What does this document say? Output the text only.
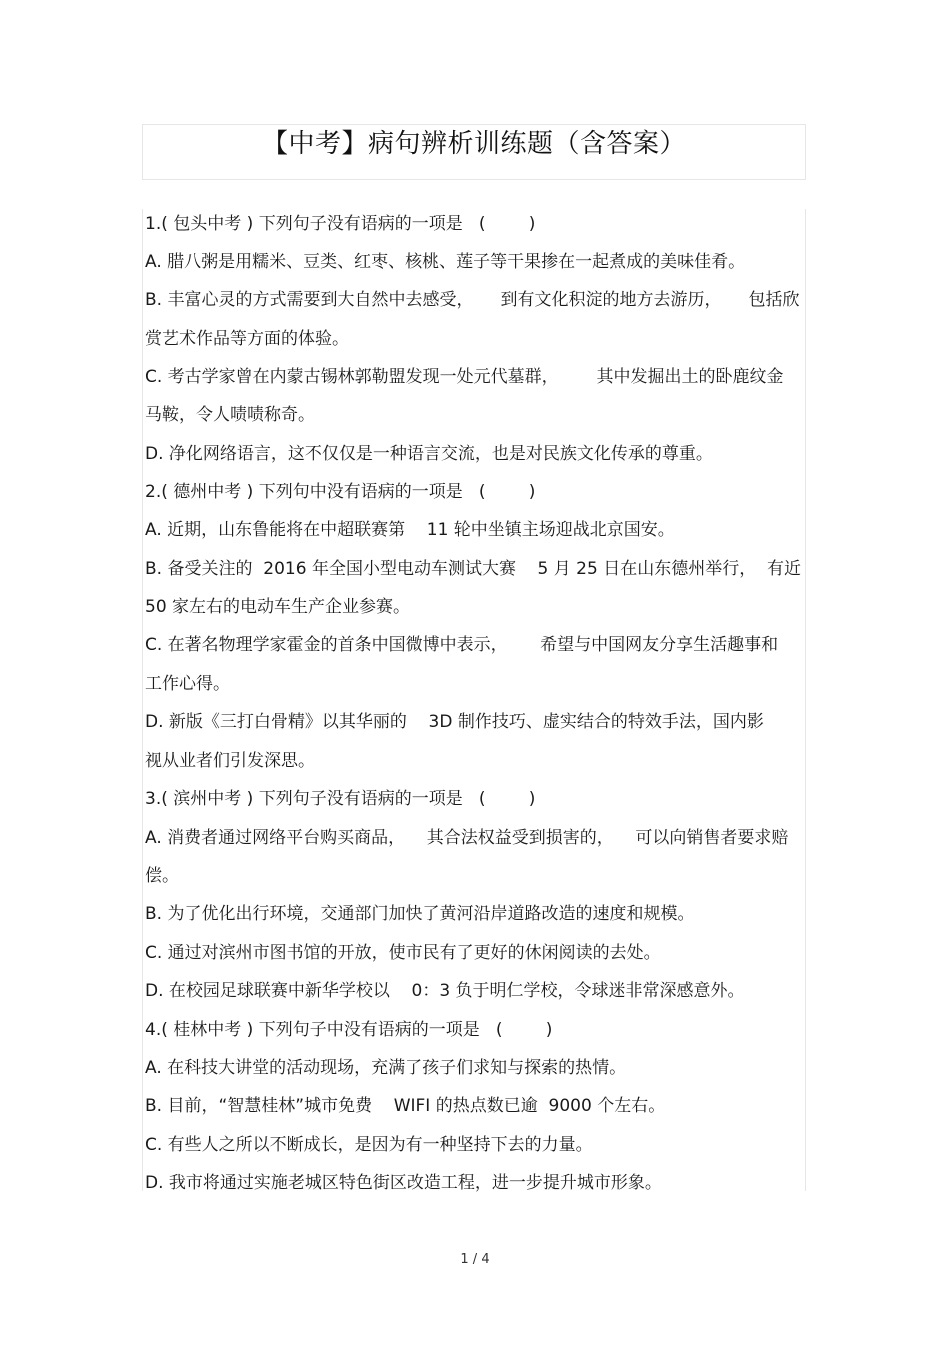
【中考】病句辨析训练题（含答案）
1.( 包头中考 ) 下列句子没有语病的一项是   (        )
A. 腊八粥是用糯米、豆类、红枣、核桃、莲子等干果掺在一起煮成的美味佳肴。
B. 丰富心灵的方式需要到大自然中去感受，     到有文化积淀的地方去游历，     包括欣
赏艺术作品等方面的体验。
C. 考古学家曾在内蒙古锡林郭勒盟发现一处元代墓群，       其中发掘出土的卧鹿纹金
马鞍，令人啧啧称奇。
D. 净化网络语言，这不仅仅是一种语言交流，也是对民族文化传承的尊重。
2.( 德州中考 ) 下列句中没有语病的一项是   (        )
A. 近期，山东鲁能将在中超联赛第    11 轮中坐镇主场迎战北京国安。
B. 备受关注的  2016 年全国小型电动车测试大赛    5 月 25 日在山东德州举行，  有近
50 家左右的电动车生产企业参赛。
C. 在著名物理学家霍金的首条中国微博中表示，      希望与中国网友分享生活趣事和
工作心得。
D. 新版《三打白骨精》以其华丽的    3D 制作技巧、虚实结合的特效手法，国内影
视从业者们引发深思。
3.( 滨州中考 ) 下列句子没有语病的一项是   (        )
A. 消费者通过网络平台购买商品，    其合法权益受到损害的，    可以向销售者要求赔
偿。
B. 为了优化出行环境，交通部门加快了黄河沿岸道路改造的速度和规模。
C. 通过对滨州市图书馆的开放，使市民有了更好的休闲阅读的去处。
D. 在校园足球联赛中新华学校以    0：3 负于明仁学校，令球迷非常深感意外。
4.( 桂林中考 ) 下列句子中没有语病的一项是   (        )
A. 在科技大讲堂的活动现场，充满了孩子们求知与探索的热情。
B. 目前，“智慧桂林”城市免费    WIFI 的热点数已逾  9000 个左右。
C. 有些人之所以不断成长，是因为有一种坚持下去的力量。
D. 我市将通过实施老城区特色街区改造工程，进一步提升城市形象。
1 / 4
